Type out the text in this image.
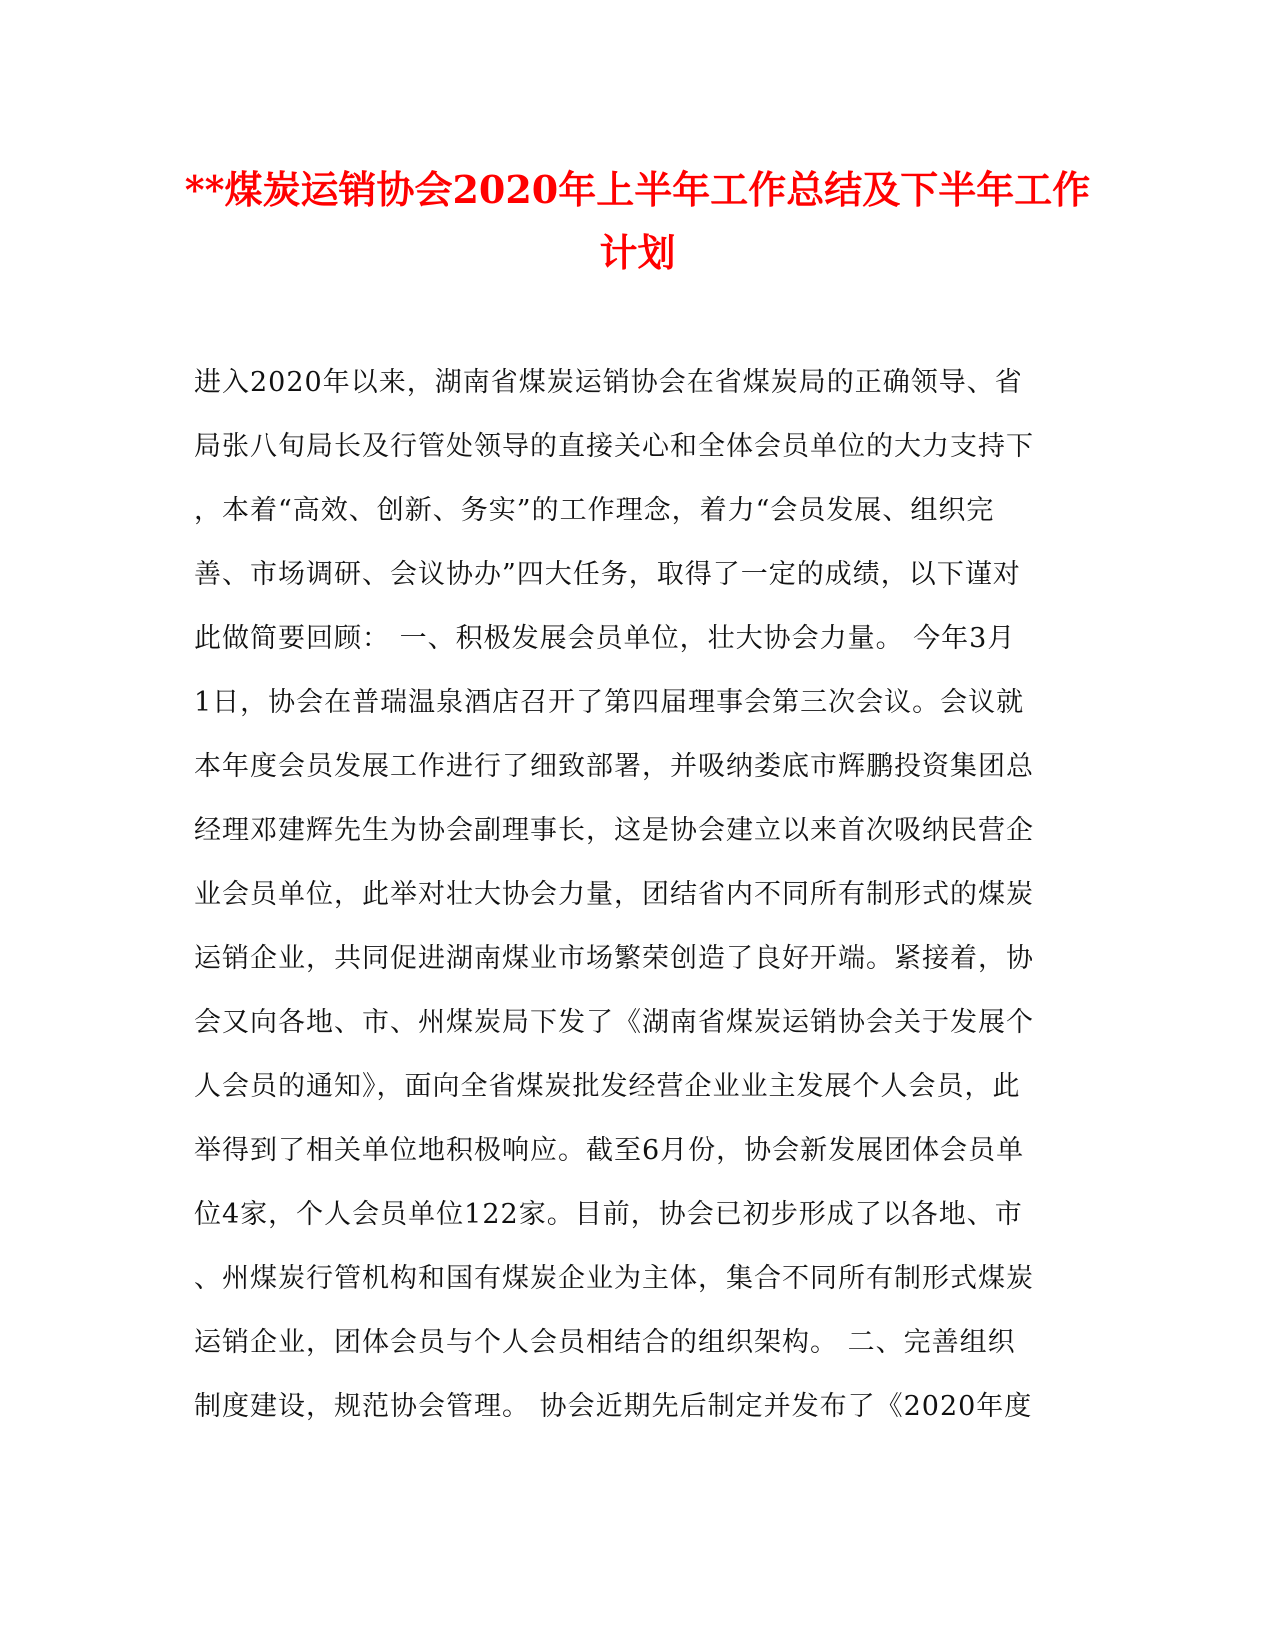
**煤炭运销协会2020年上半年工作总结及下半年工作
计划
进入2020年以来，湖南省煤炭运销协会在省煤炭局的正确领导、省
局张八旬局长及行管处领导的直接关心和全体会员单位的大力支持下
，本着“高效、创新、务实”的工作理念，着力“会员发展、组织完
善、市场调研、会议协办”四大任务，取得了一定的成绩，以下谨对
此做简要回顾： 一、积极发展会员单位，壮大协会力量。 今年3月
1日，协会在普瑞温泉酒店召开了第四届理事会第三次会议。会议就
本年度会员发展工作进行了细致部署，并吸纳娄底市辉鹏投资集团总
经理邓建辉先生为协会副理事长，这是协会建立以来首次吸纳民营企
业会员单位，此举对壮大协会力量，团结省内不同所有制形式的煤炭
运销企业，共同促进湖南煤业市场繁荣创造了良好开端。紧接着，协
会又向各地、市、州煤炭局下发了《湖南省煤炭运销协会关于发展个
人会员的通知》，面向全省煤炭批发经营企业业主发展个人会员，此
举得到了相关单位地积极响应。截至6月份，协会新发展团体会员单
位4家，个人会员单位122家。目前，协会已初步形成了以各地、市
、州煤炭行管机构和国有煤炭企业为主体，集合不同所有制形式煤炭
运销企业，团体会员与个人会员相结合的组织架构。 二、完善组织
制度建设，规范协会管理。 协会近期先后制定并发布了《2020年度
